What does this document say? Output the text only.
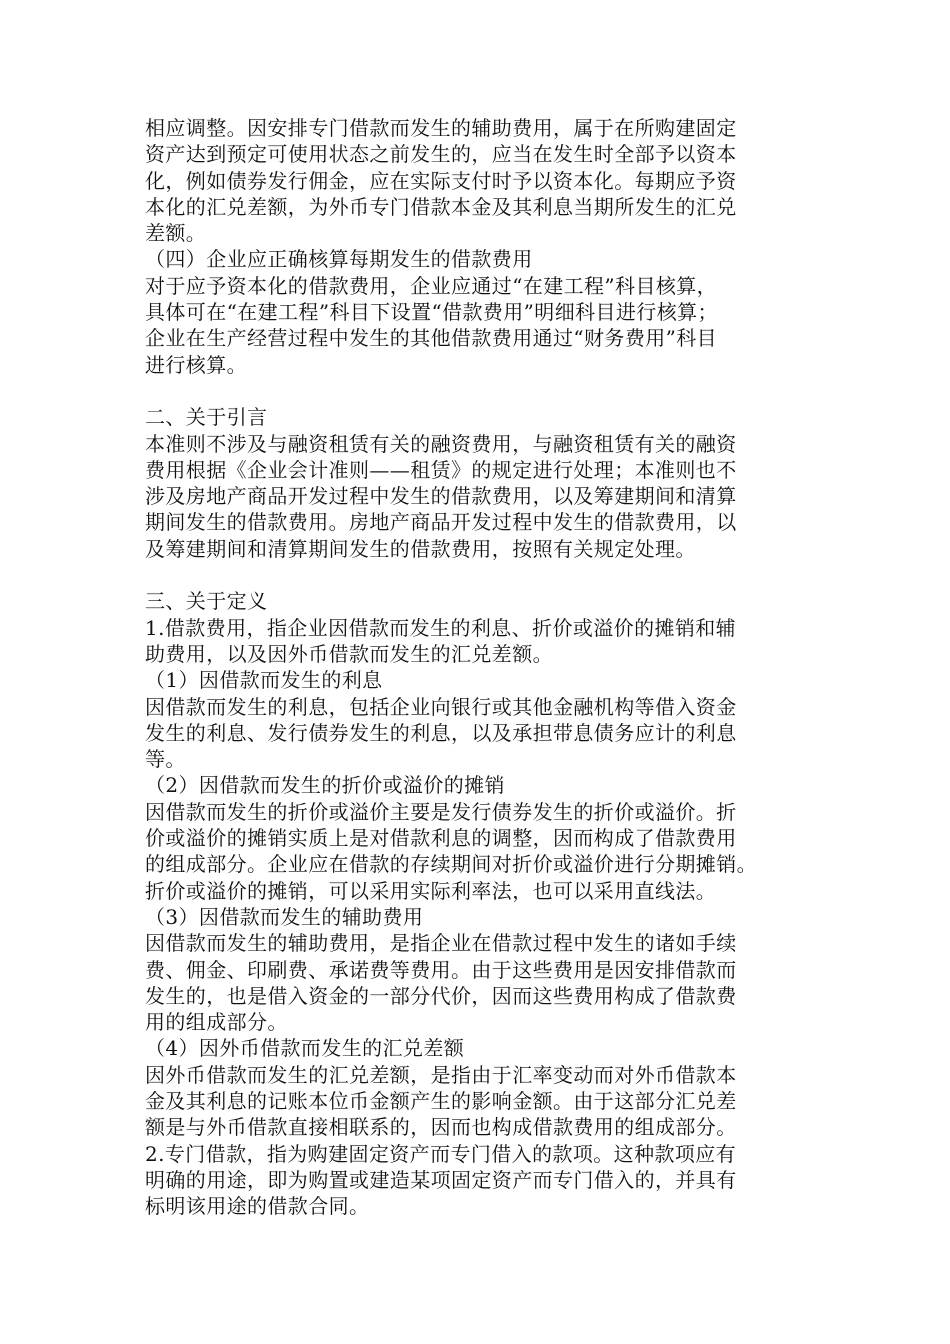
相应调整。因安排专门借款而发生的辅助费用，属于在所购建固定
资产达到预定可使用状态之前发生的，应当在发生时全部予以资本
化，例如债券发行佣金，应在实际支付时予以资本化。每期应予资
本化的汇兑差额，为外币专门借款本金及其利息当期所发生的汇兑
差额。
（四）企业应正确核算每期发生的借款费用
对于应予资本化的借款费用，企业应通过“在建工程”科目核算，
具体可在“在建工程”科目下设置“借款费用”明细科目进行核算；
企业在生产经营过程中发生的其他借款费用通过“财务费用”科目
进行核算。
二、关于引言
本准则不涉及与融资租赁有关的融资费用，与融资租赁有关的融资
费用根据《企业会计准则——租赁》的规定进行处理；本准则也不
涉及房地产商品开发过程中发生的借款费用，以及筹建期间和清算
期间发生的借款费用。房地产商品开发过程中发生的借款费用，以
及筹建期间和清算期间发生的借款费用，按照有关规定处理。
三、关于定义
1.借款费用，指企业因借款而发生的利息、折价或溢价的摊销和辅
助费用，以及因外币借款而发生的汇兑差额。
（1）因借款而发生的利息
因借款而发生的利息，包括企业向银行或其他金融机构等借入资金
发生的利息、发行债券发生的利息，以及承担带息债务应计的利息
等。
（2）因借款而发生的折价或溢价的摊销
因借款而发生的折价或溢价主要是发行债券发生的折价或溢价。折
价或溢价的摊销实质上是对借款利息的调整，因而构成了借款费用
的组成部分。企业应在借款的存续期间对折价或溢价进行分期摊销。
折价或溢价的摊销，可以采用实际利率法，也可以采用直线法。
（3）因借款而发生的辅助费用
因借款而发生的辅助费用，是指企业在借款过程中发生的诸如手续
费、佣金、印刷费、承诺费等费用。由于这些费用是因安排借款而
发生的，也是借入资金的一部分代价，因而这些费用构成了借款费
用的组成部分。
（4）因外币借款而发生的汇兑差额
因外币借款而发生的汇兑差额，是指由于汇率变动而对外币借款本
金及其利息的记账本位币金额产生的影响金额。由于这部分汇兑差
额是与外币借款直接相联系的，因而也构成借款费用的组成部分。
2.专门借款，指为购建固定资产而专门借入的款项。这种款项应有
明确的用途，即为购置或建造某项固定资产而专门借入的，并具有
标明该用途的借款合同。
